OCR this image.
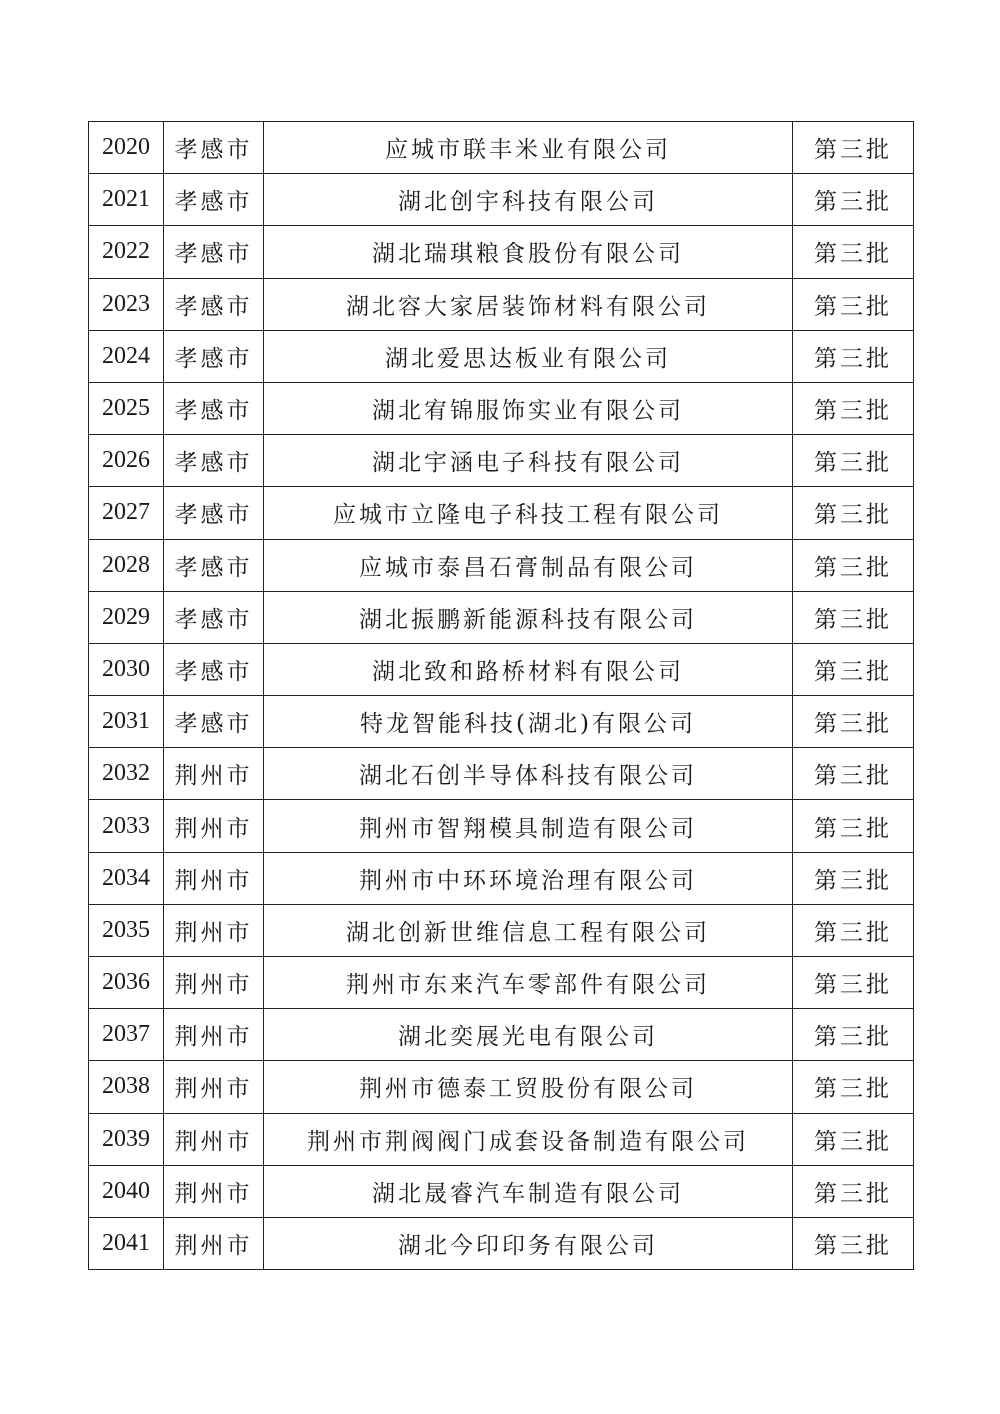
2020	孝感市	应城市联丰米业有限公司	第三批
2021	孝感市	湖北创宇科技有限公司	第三批
2022	孝感市	湖北瑞琪粮食股份有限公司	第三批
2023	孝感市	湖北容大家居装饰材料有限公司	第三批
2024	孝感市	湖北爱思达板业有限公司	第三批
2025	孝感市	湖北宥锦服饰实业有限公司	第三批
2026	孝感市	湖北宇涵电子科技有限公司	第三批
2027	孝感市	应城市立隆电子科技工程有限公司	第三批
2028	孝感市	应城市泰昌石膏制品有限公司	第三批
2029	孝感市	湖北振鹏新能源科技有限公司	第三批
2030	孝感市	湖北致和路桥材料有限公司	第三批
2031	孝感市	特龙智能科技(湖北)有限公司	第三批
2032	荆州市	湖北石创半导体科技有限公司	第三批
2033	荆州市	荆州市智翔模具制造有限公司	第三批
2034	荆州市	荆州市中环环境治理有限公司	第三批
2035	荆州市	湖北创新世维信息工程有限公司	第三批
2036	荆州市	荆州市东来汽车零部件有限公司	第三批
2037	荆州市	湖北奕展光电有限公司	第三批
2038	荆州市	荆州市德泰工贸股份有限公司	第三批
2039	荆州市	荆州市荆阀阀门成套设备制造有限公司	第三批
2040	荆州市	湖北晟睿汽车制造有限公司	第三批
2041	荆州市	湖北今印印务有限公司	第三批
